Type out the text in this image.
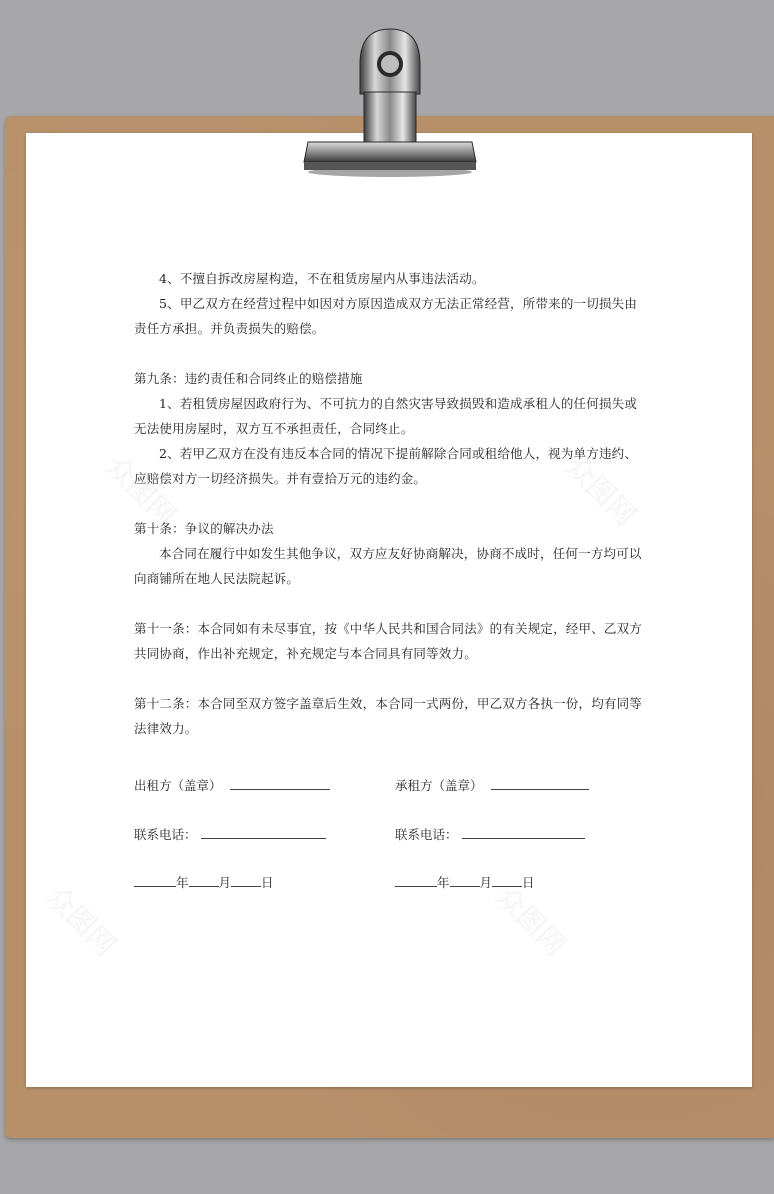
4、不擅自拆改房屋构造，不在租赁房屋内从事违法活动。

5、甲乙双方在经营过程中如因对方原因造成双方无法正常经营，所带来的一切损失由责任方承担。并负责损失的赔偿。

第九条：违约责任和合同终止的赔偿措施

1、若租赁房屋因政府行为、不可抗力的自然灾害导致损毁和造成承租人的任何损失或无法使用房屋时，双方互不承担责任，合同终止。

2、若甲乙双方在没有违反本合同的情况下提前解除合同或租给他人，视为单方违约、应赔偿对方一切经济损失。并有壹拾万元的违约金。

第十条：争议的解决办法

本合同在履行中如发生其他争议，双方应友好协商解决，协商不成时，任何一方均可以向商铺所在地人民法院起诉。

第十一条：本合同如有未尽事宜，按《中华人民共和国合同法》的有关规定，经甲、乙双方共同协商，作出补充规定，补充规定与本合同具有同等效力。

第十二条：本合同至双方签字盖章后生效，本合同一式两份，甲乙双方各执一份，均有同等法律效力。

出租方（盖章）	承租方（盖章）
联系电话：	联系电话：
年 月 日	年 月 日
